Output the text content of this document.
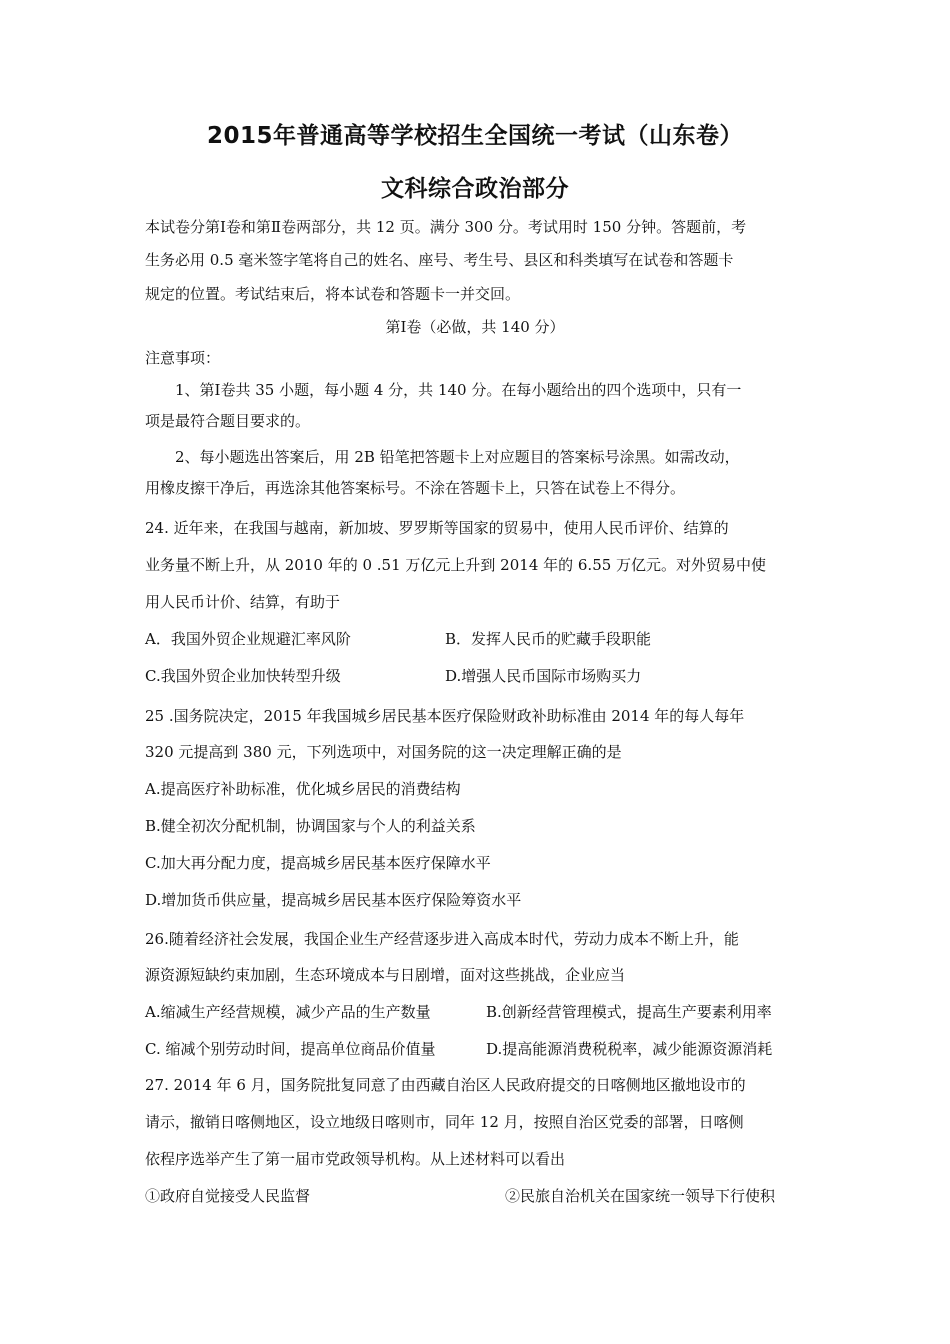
2015年普通高等学校招生全国统一考试（山东卷）
文科综合政治部分
本试卷分第Ⅰ卷和第Ⅱ卷两部分，共 12 页。满分 300 分。考试用时 150 分钟。答题前，考
生务必用 0.5 毫米签字笔将自己的姓名、座号、考生号、县区和科类填写在试卷和答题卡
规定的位置。考试结束后，将本试卷和答题卡一并交回。
第Ⅰ卷（必做，共 140 分）
注意事项：
1、第Ⅰ卷共 35 小题，每小题 4 分，共 140 分。在每小题给出的四个选项中，只有一
项是最符合题目要求的。
2、每小题选出答案后，用 2B 铅笔把答题卡上对应题目的答案标号涂黑。如需改动，
用橡皮擦干净后，再选涂其他答案标号。不涂在答题卡上，只答在试卷上不得分。
24. 近年来，在我国与越南，新加坡、罗罗斯等国家的贸易中，使用人民币评价、结算的
业务量不断上升，从 2010 年的 0 .51 万亿元上升到 2014 年的 6.55 万亿元。对外贸易中使
用人民币计价、结算，有助于
A．我国外贸企业规避汇率风阶	B．发挥人民币的贮藏手段职能
C.我国外贸企业加快转型升级	D.增强人民币国际市场购买力
25 .国务院决定，2015 年我国城乡居民基本医疗保险财政补助标准由 2014 年的每人每年
320 元提高到 380 元，下列选项中，对国务院的这一决定理解正确的是
A.提高医疗补助标准，优化城乡居民的消费结构
B.健全初次分配机制，协调国家与个人的利益关系
C.加大再分配力度，提高城乡居民基本医疗保障水平
D.增加货币供应量，提高城乡居民基本医疗保险筹资水平
26.随着经济社会发展，我国企业生产经营逐步进入高成本时代，劳动力成本不断上升，能
源资源短缺约束加剧，生态环境成本与日剧增，面对这些挑战，企业应当
A.缩减生产经营规模，减少产品的生产数量	B.创新经营管理模式，提高生产要素利用率
C. 缩减个别劳动时间，提高单位商品价值量	D.提高能源消费税税率，减少能源资源消耗
27. 2014 年 6 月，国务院批复同意了由西藏自治区人民政府提交的日喀侧地区撤地设市的
请示，撤销日喀侧地区，设立地级日喀则市，同年 12 月，按照自治区党委的部署，日喀侧
依程序选举产生了第一届市党政领导机构。从上述材料可以看出
①政府自觉接受人民监督	②民旅自治机关在国家统一领导下行使积
